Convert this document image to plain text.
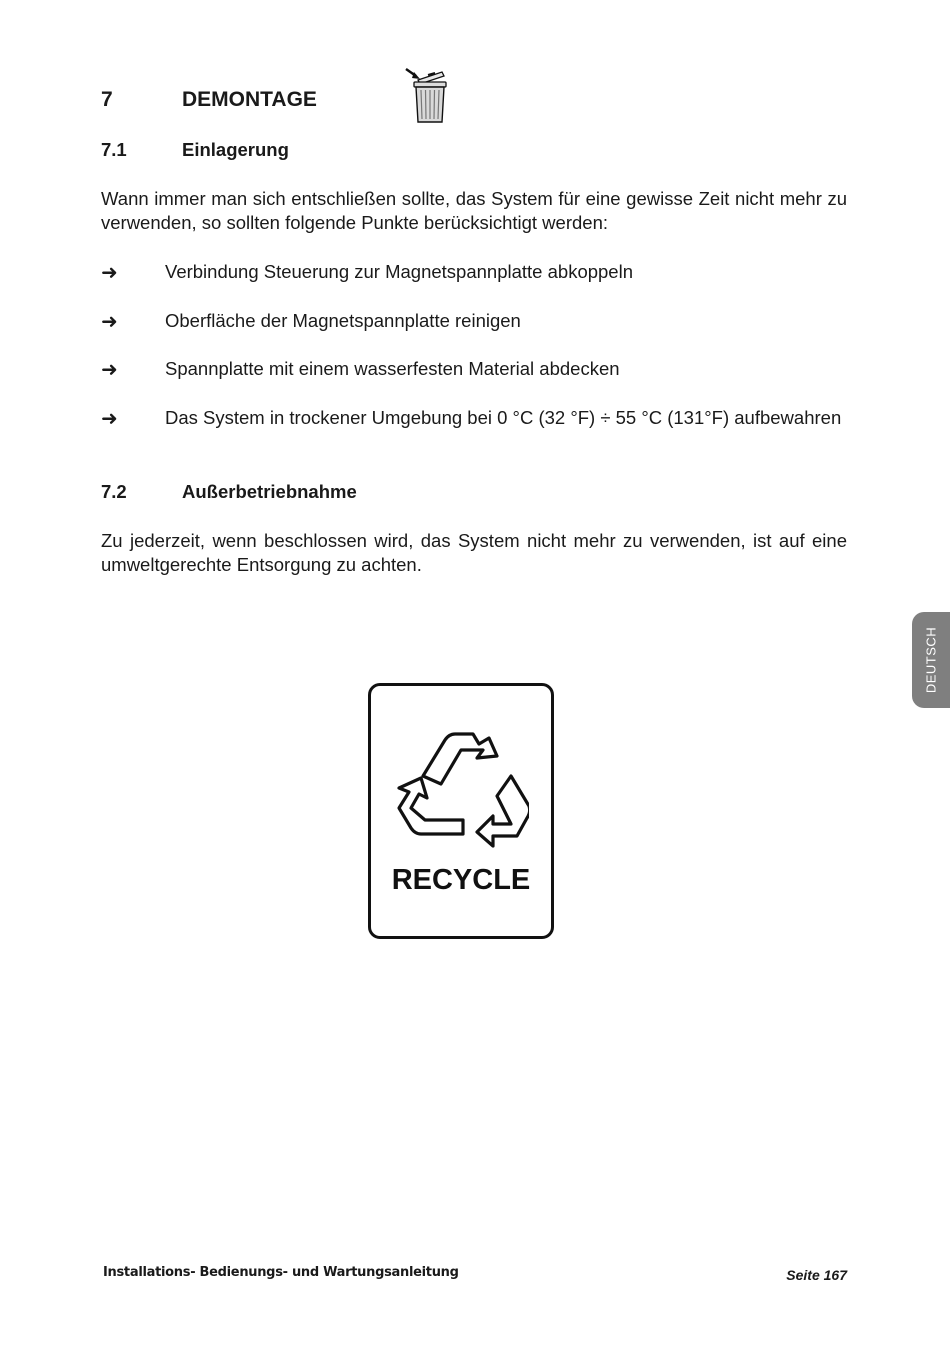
7	DEMONTAGE
7.1	Einlagerung
Wann immer man sich entschließen sollte, das System für eine gewisse Zeit nicht mehr zu verwenden, so sollten folgende Punkte berücksichtigt werden:
➜	Verbindung Steuerung zur Magnetspannplatte abkoppeln
➜	Oberfläche der Magnetspannplatte reinigen
➜	Spannplatte mit einem wasserfesten Material abdecken
➜	Das System in trockener Umgebung bei 0 °C (32 °F) ÷ 55 °C (131°F) aufbewahren
7.2	Außerbetriebnahme
Zu jederzeit, wenn beschlossen wird, das System nicht mehr zu verwenden, ist auf eine umweltgerechte Entsorgung zu achten.
DEUTSCH
RECYCLE
Installations- Bedienungs- und Wartungsanleitung	Seite 167
